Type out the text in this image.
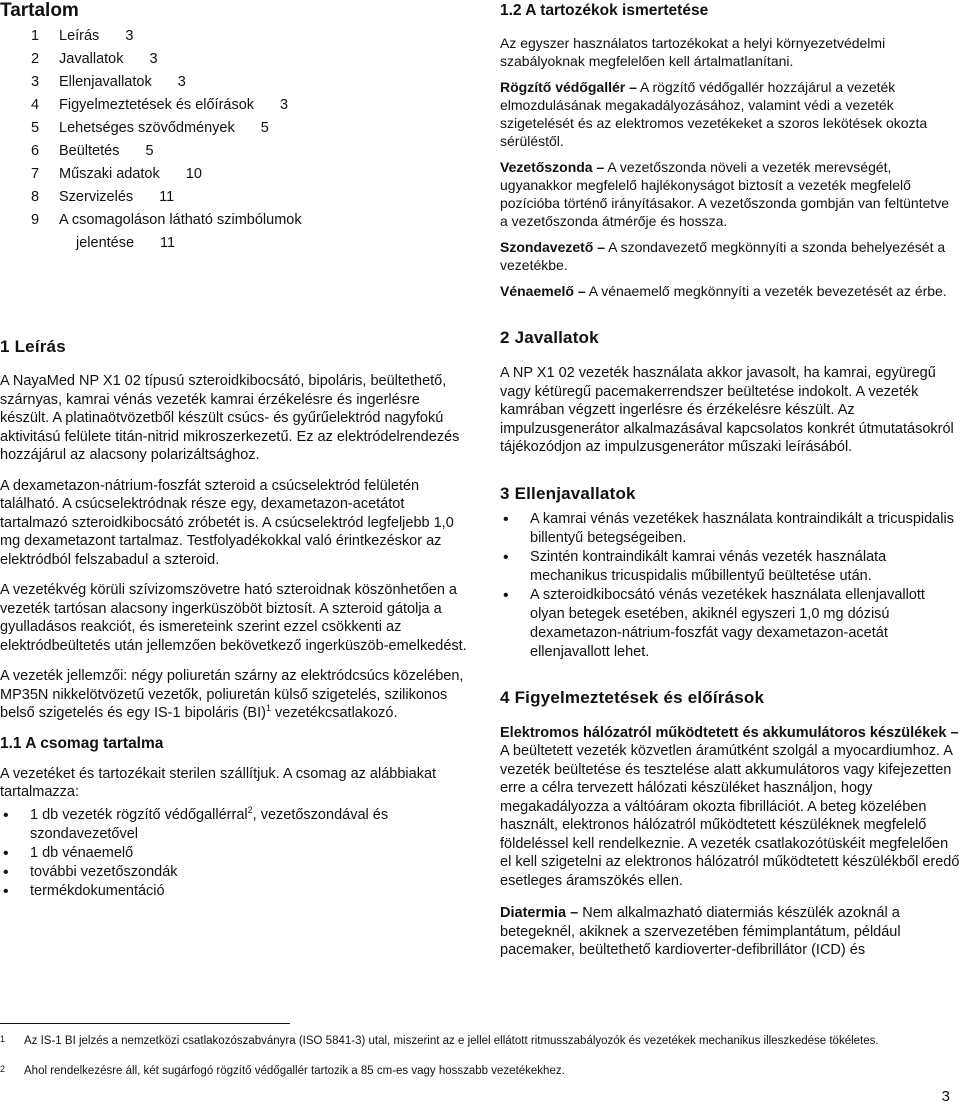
Tartalom
1	Leírás 3
2	Javallatok 3
3	Ellenjavallatok 3
4	Figyelmeztetések és előírások 3
5	Lehetséges szövődmények 5
6	Beültetés 5
7	Műszaki adatok 10
8	Szervizelés 11
9	A csomagoláson látható szimbólumok
jelentése 11
1 Leírás

A NayaMed NP X1 02 típusú szteroidkibocsátó, bipoláris, beültethető, szárnyas, kamrai vénás vezeték kamrai érzékelésre és ingerlésre készült. A platinaötvözetből készült csúcs- és gyűrűelektród nagyfokú aktivitású felülete titán-nitrid mikroszerkezetű. Ez az elektródelrendezés hozzájárul az alacsony polarizáltsághoz.

A dexametazon-nátrium-foszfát szteroid a csúcselektród felületén található. A csúcselektródnak része egy, dexametazon-acetátot tartalmazó szteroidkibocsátó zróbetét is. A csúcselektród legfeljebb 1,0 mg dexametazont tartalmaz. Testfolyadékokkal való érintkezéskor az elektródból felszabadul a szteroid.

A vezetékvég körüli szívizomszövetre ható szteroidnak köszönhetően a vezeték tartósan alacsony ingerküszöböt biztosít. A szteroid gátolja a gyulladásos reakciót, és ismereteink szerint ezzel csökkenti az elektródbeültetés után jellemzően bekövetkező ingerküszöb-emelkedést.

A vezeték jellemzői: négy poliuretán szárny az elektródcsúcs közelében, MP35N nikkelötvözetű vezetők, poliuretán külső szigetelés, szilikonos belső szigetelés és egy IS-1 bipoláris (BI)$^1$ vezetékcsatlakozó.

1.1 A csomag tartalma

A vezetéket és tartozékait sterilen szállítjuk. A csomag az alábbiakat tartalmazza:

• 1 db vezeték rögzítő védőgallérral$^2$, vezetőszondával és szondavezetővel
• 1 db vénaemelő
• további vezetőszondák
• termékdokumentáció
1.2 A tartozékok ismertetése

Az egyszer használatos tartozékokat a helyi környezetvédelmi szabályoknak megfelelően kell ártalmatlanítani.

Rögzítő védőgallér – A rögzítő védőgallér hozzájárul a vezeték elmozdulásának megakadályozásához, valamint védi a vezeték szigetelését és az elektromos vezetékeket a szoros lekötések okozta sérüléstől.

Vezetőszonda – A vezetőszonda növeli a vezeték merevségét, ugyanakkor megfelelő hajlékonyságot biztosít a vezeték megfelelő pozícióba történő irányításakor. A vezetőszonda gombján van feltüntetve a vezetőszonda átmérője és hossza.

Szondavezető – A szondavezető megkönnyíti a szonda behelyezését a vezetékbe.

Vénaemelő – A vénaemelő megkönnyíti a vezeték bevezetését az érbe.

2 Javallatok

A NP X1 02 vezeték használata akkor javasolt, ha kamrai, együregű vagy kétüregű pacemakerrendszer beültetése indokolt. A vezeték kamrában végzett ingerlésre és érzékelésre készült. Az impulzusgenerátor alkalmazásával kapcsolatos konkrét útmutatásokról tájékozódjon az impulzusgenerátor műszaki leírásából.

3 Ellenjavallatok
• A kamrai vénás vezetékek használata kontraindikált a tricuspidalis billentyű betegségeiben.
• Szintén kontraindikált kamrai vénás vezeték használata mechanikus tricuspidalis műbillentyű beültetése után.
• A szteroidkibocsátó vénás vezetékek használata ellenjavallott olyan betegek esetében, akiknél egyszeri 1,0 mg dózisú dexametazon-nátrium-foszfát vagy dexametazon-acetát ellenjavallott lehet.
4 Figyelmeztetések és előírások

Elektromos hálózatról működtetett és akkumulátoros készülékek – A beültetett vezeték közvetlen áramútként szolgál a myocardiumhoz. A vezeték beültetése és tesztelése alatt akkumulátoros vagy kifejezetten erre a célra tervezett hálózati készüléket használjon, hogy megakadályozza a váltóáram okozta fibrillációt. A beteg közelében használt, elektronos hálózatról működtetett készüléknek megfelelő földeléssel kell rendelkeznie. A vezeték csatlakozótüskéit megfelelően el kell szigetelni az elektronos hálózatról működtetett készülékből eredő esetleges áramszökés ellen.

Diatermia – Nem alkalmazható diatermiás készülék azoknál a betegeknél, akiknek a szervezetében fémimplantátum, például pacemaker, beültethető kardioverter-defibrillátor (ICD) és

1 Az IS-1 BI jelzés a nemzetközi csatlakozószabványra (ISO 5841-3) utal, miszerint az e jellel ellátott ritmusszabályozók és vezetékek mechanikus illeszkedése tökéletes.
2 Ahol rendelkezésre áll, két sugárfogó rögzítő védőgallér tartozik a 85 cm-es vagy hosszabb vezetékekhez.
3
